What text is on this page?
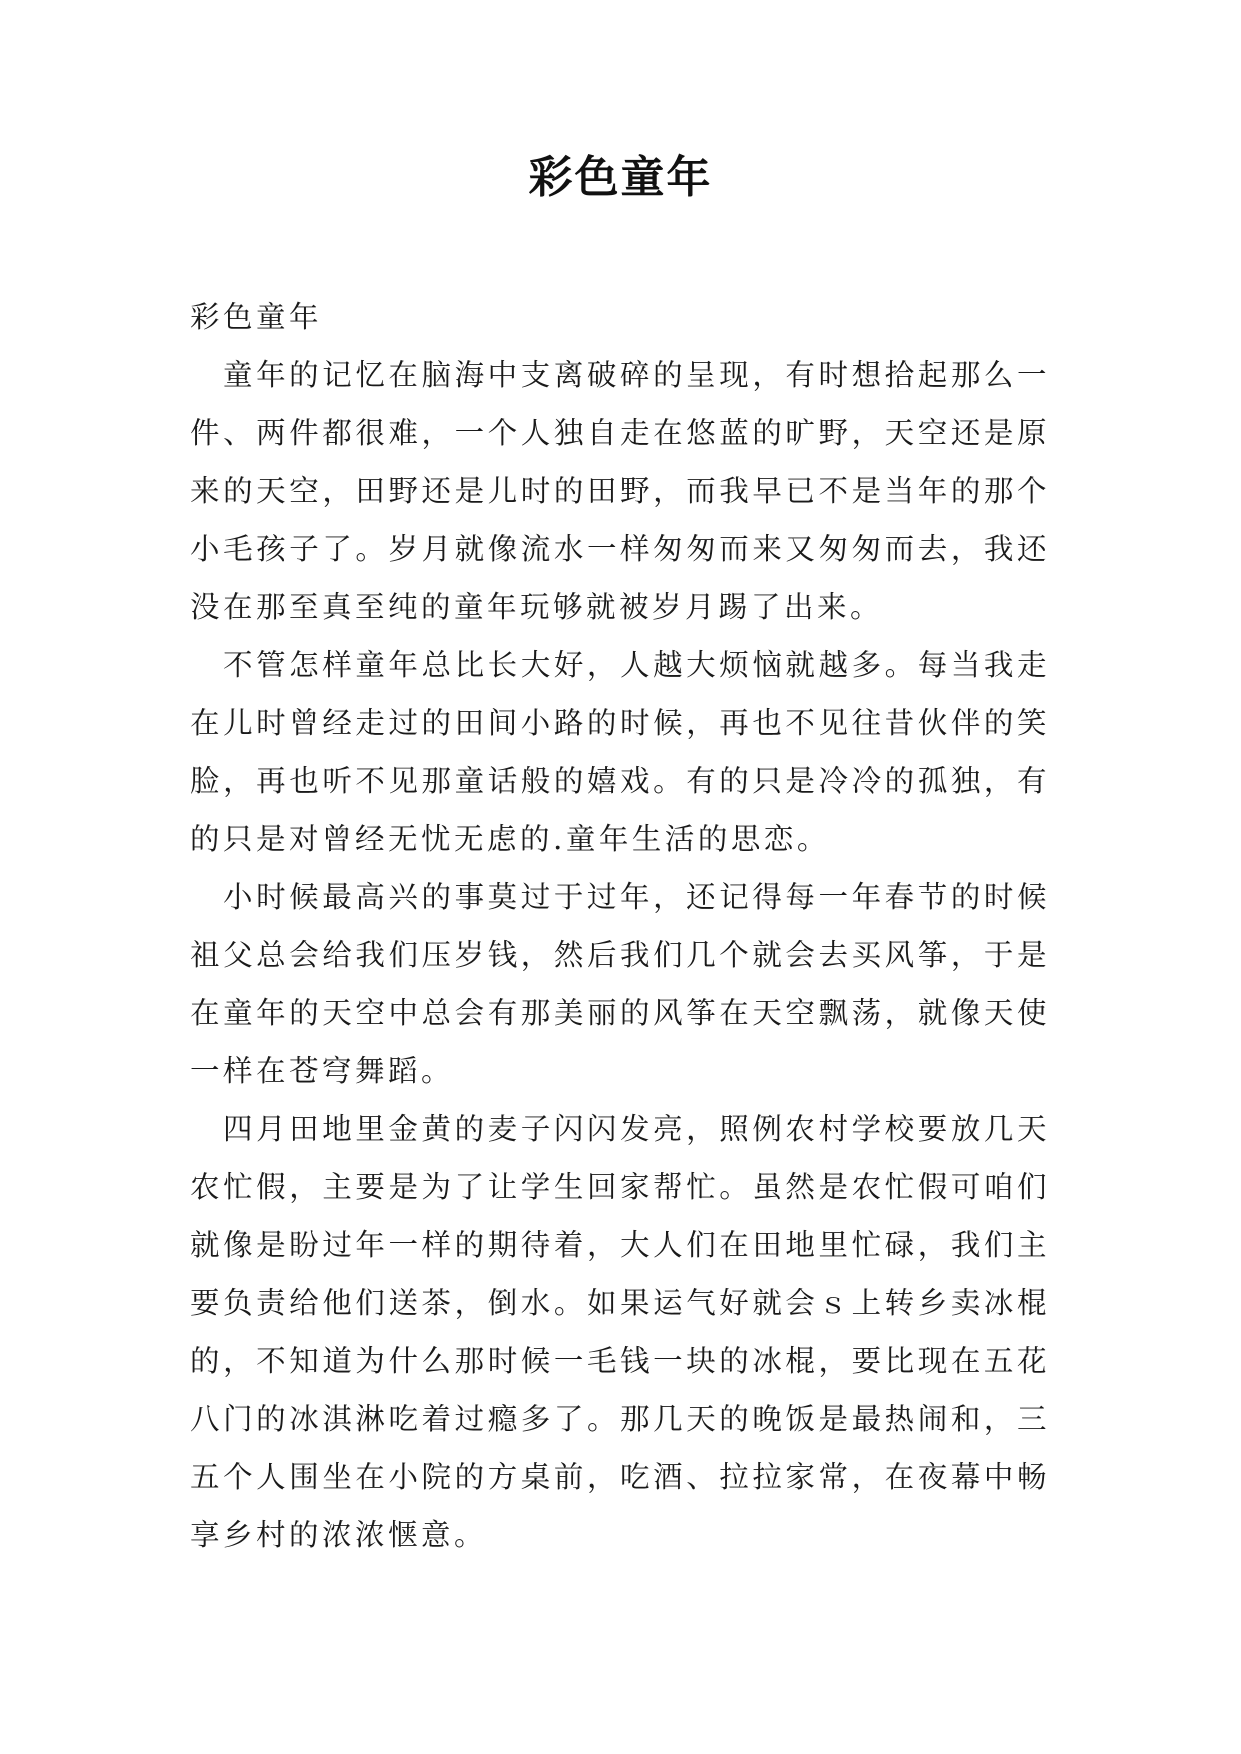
彩色童年

彩色童年

童年的记忆在脑海中支离破碎的呈现，有时想拾起那么一件、两件都很难，一个人独自走在悠蓝的旷野，天空还是原来的天空，田野还是儿时的田野，而我早已不是当年的那个小毛孩子了。岁月就像流水一样匆匆而来又匆匆而去，我还没在那至真至纯的童年玩够就被岁月踢了出来。

不管怎样童年总比长大好，人越大烦恼就越多。每当我走在儿时曾经走过的田间小路的时候，再也不见往昔伙伴的笑脸，再也听不见那童话般的嬉戏。有的只是冷冷的孤独，有的只是对曾经无忧无虑的.童年生活的思恋。

小时候最高兴的事莫过于过年，还记得每一年春节的时候祖父总会给我们压岁钱，然后我们几个就会去买风筝，于是在童年的天空中总会有那美丽的风筝在天空飘荡，就像天使一样在苍穹舞蹈。

四月田地里金黄的麦子闪闪发亮，照例农村学校要放几天农忙假，主要是为了让学生回家帮忙。虽然是农忙假可咱们就像是盼过年一样的期待着，大人们在田地里忙碌，我们主要负责给他们送茶，倒水。如果运气好就会ｓ上转乡卖冰棍的，不知道为什么那时候一毛钱一块的冰棍，要比现在五花八门的冰淇淋吃着过瘾多了。那几天的晚饭是最热闹和，三五个人围坐在小院的方桌前，吃酒、拉拉家常，在夜幕中畅享乡村的浓浓惬意。
